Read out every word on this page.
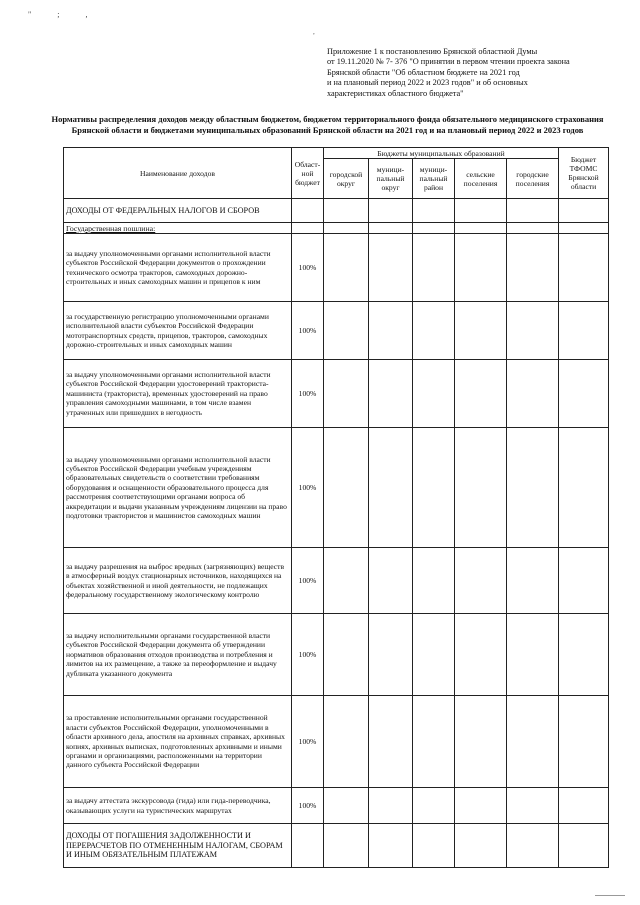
" ; ,
,
Приложение 1 к постановлению Брянской областной Думы
от 19.11.2020 № 7- 376 "О принятии в первом чтении проекта закона
Брянской области "Об областном бюджете на 2021 год
и на плановый период 2022 и 2023 годов" и об основных
характеристиках областного бюджета"
Нормативы распределения доходов между областным бюджетом, бюджетом территориального фонда обязательного медицинского страхования Брянской области и бюджетами муниципальных образований Брянской области на 2021 год и на плановый период 2022 и 2023 годов
Наименование доходов	Област-ной бюджет	Бюджеты муниципальных образований					Бюджет ТФОМС Брянской области
		городской округ	муници-пальный округ	муници-пальный район	сельские поселения	городские поселения	
ДОХОДЫ ОТ ФЕДЕРАЛЬНЫХ НАЛОГОВ И СБОРОВ							
Государственная пошлина:							
за выдачу уполномоченными органами исполнительной власти субъектов Российской Федерации документов о прохождении технического осмотра тракторов, самоходных дорожно-строительных и иных самоходных машин и прицепов к ним	100%						
за государственную регистрацию уполномоченными органами исполнительной власти субъектов Российской Федерации мототранспортных средств, прицепов, тракторов, самоходных дорожно-строительных и иных самоходных машин	100%						
за выдачу уполномоченными органами исполнительной власти субъектов Российской Федерации удостоверений тракториста-машиниста (тракториста), временных удостоверений на право управления самоходными машинами, в том числе взамен утраченных или пришедших в негодность	100%						
за выдачу уполномоченными органами исполнительной власти субъектов Российской Федерации учебным учреждениям образовательных свидетельств о соответствии требованиям оборудования и оснащенности образовательного процесса для рассмотрения соответствующими органами вопроса об аккредитации и выдачи указанным учреждениям лицензии на право подготовки трактористов и машинистов самоходных машин	100%						
за выдачу разрешения на выброс вредных (загрязняющих) веществ в атмосферный воздух стационарных источников, находящихся на объектах хозяйственной и иной деятельности, не подлежащих федеральному государственному экологическому контролю	100%						
за выдачу исполнительными органами государственной власти субъектов Российской Федерации документа об утверждении нормативов образования отходов производства и потребления и лимитов на их размещение, а также за переоформление и выдачу дубликата указанного документа	100%						
за проставление исполнительными органами государственной власти субъектов Российской Федерации, уполномоченными в области архивного дела, апостиля на архивных справках, архивных копиях, архивных выписках, подготовленных архивными и иными органами и организациями, расположенными на территории данного субъекта Российской Федерации	100%						
за выдачу аттестата экскурсовода (гида) или гида-переводчика, оказывающих услуги на туристических маршрутах	100%						
ДОХОДЫ ОТ ПОГАШЕНИЯ ЗАДОЛЖЕННОСТИ И ПЕРЕРАСЧЕТОВ ПО ОТМЕНЕННЫМ НАЛОГАМ, СБОРАМ И ИНЫМ ОБЯЗАТЕЛЬНЫМ ПЛАТЕЖАМ							
